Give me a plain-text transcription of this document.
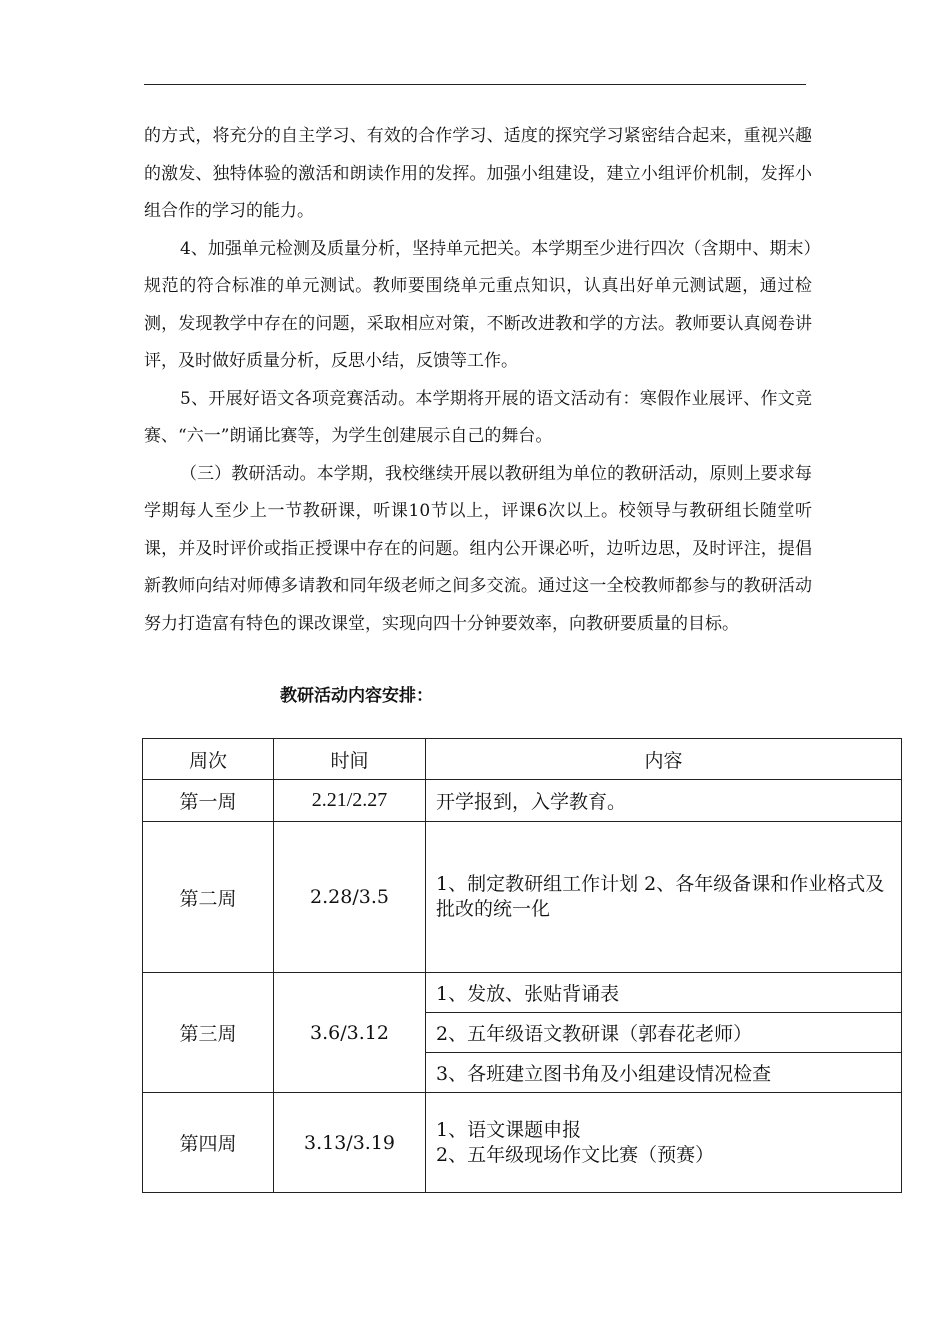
的方式，将充分的自主学习、有效的合作学习、适度的探究学习紧密结合起来，重视兴趣的激发、独特体验的激活和朗读作用的发挥。加强小组建设，建立小组评价机制，发挥小组合作的学习的能力。

4、加强单元检测及质量分析，坚持单元把关。本学期至少进行四次（含期中、期末）规范的符合标准的单元测试。教师要围绕单元重点知识，认真出好单元测试题，通过检测，发现教学中存在的问题，采取相应对策，不断改进教和学的方法。教师要认真阅卷讲评，及时做好质量分析，反思小结，反馈等工作。

5、开展好语文各项竞赛活动。本学期将开展的语文活动有：寒假作业展评、作文竞赛、“六一”朗诵比赛等，为学生创建展示自己的舞台。

（三）教研活动。本学期，我校继续开展以教研组为单位的教研活动，原则上要求每学期每人至少上一节教研课，听课10节以上，评课6次以上。校领导与教研组长随堂听课，并及时评价或指正授课中存在的问题。组内公开课必听，边听边思，及时评注，提倡新教师向结对师傅多请教和同年级老师之间多交流。通过这一全校教师都参与的教研活动努力打造富有特色的课改课堂，实现向四十分钟要效率，向教研要质量的目标。

教研活动内容安排：
周次	时间	内容
第一周	2.21/2.27	开学报到，入学教育。
第二周	2.28/3.5	1、制定教研组工作计划 2、各年级备课和作业格式及批改的统一化
第三周	3.6/3.12	1、发放、张贴背诵表
		2、五年级语文教研课（郭春花老师）
		3、各班建立图书角及小组建设情况检查
第四周	3.13/3.19	1、语文课题申报
2、五年级现场作文比赛（预赛）
